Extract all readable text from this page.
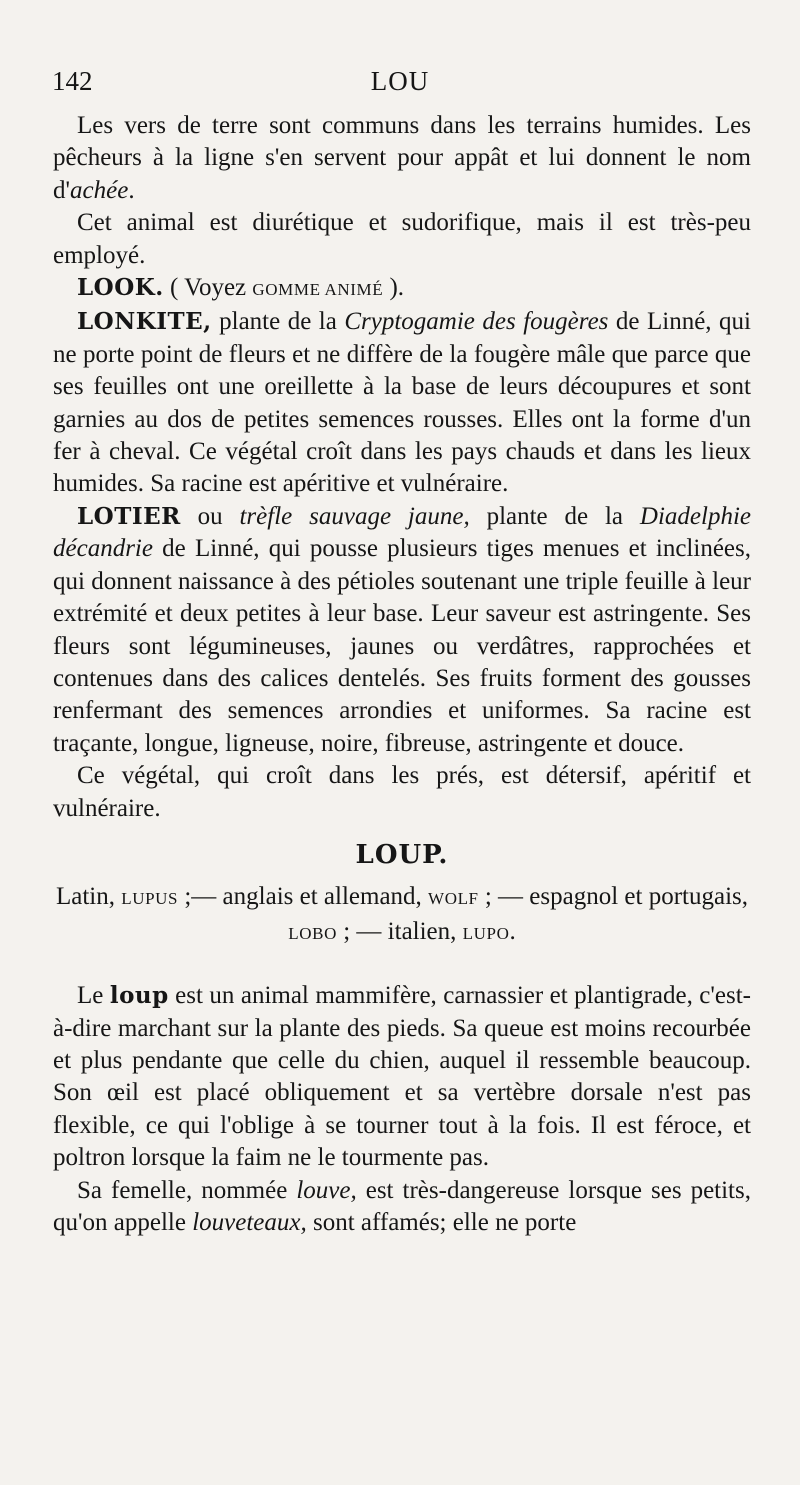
142	LOU

Les vers de terre sont communs dans les terrains humides. Les pêcheurs à la ligne s'en servent pour appât et lui donnent le nom d'achée.

Cet animal est diurétique et sudorifique, mais il est très-peu employé.

LOOK. ( Voyez GOMME ANIMÉ ).

LONKITE, plante de la Cryptogamie des fougères de Linné, qui ne porte point de fleurs et ne diffère de la fougère mâle que parce que ses feuilles ont une oreillette à la base de leurs découpures et sont garnies au dos de petites semences rousses. Elles ont la forme d'un fer à cheval. Ce végétal croît dans les pays chauds et dans les lieux humides. Sa racine est apéritive et vulnéraire.

LOTIER ou trèfle sauvage jaune, plante de la Diadelphie décandrie de Linné, qui pousse plusieurs tiges menues et inclinées, qui donnent naissance à des pétioles soutenant une triple feuille à leur extrémité et deux petites à leur base. Leur saveur est astringente. Ses fleurs sont légumineuses, jaunes ou verdâtres, rapprochées et contenues dans des calices dentelés. Ses fruits forment des gousses renfermant des semences arrondies et uniformes. Sa racine est traçante, longue, ligneuse, noire, fibreuse, astringente et douce.

Ce végétal, qui croît dans les prés, est détersif, apéritif et vulnéraire.

LOUP.

Latin, LUPUS ;— anglais et allemand, WOLF ; — espagnol et portugais, LOBO ; — italien, LUPO.

Le loup est un animal mammifère, carnassier et plantigrade, c'est-à-dire marchant sur la plante des pieds. Sa queue est moins recourbée et plus pendante que celle du chien, auquel il ressemble beaucoup. Son œil est placé obliquement et sa vertèbre dorsale n'est pas flexible, ce qui l'oblige à se tourner tout à la fois. Il est féroce, et poltron lorsque la faim ne le tourmente pas.

Sa femelle, nommée louve, est très-dangereuse lorsque ses petits, qu'on appelle louveteaux, sont affamés; elle ne porte
